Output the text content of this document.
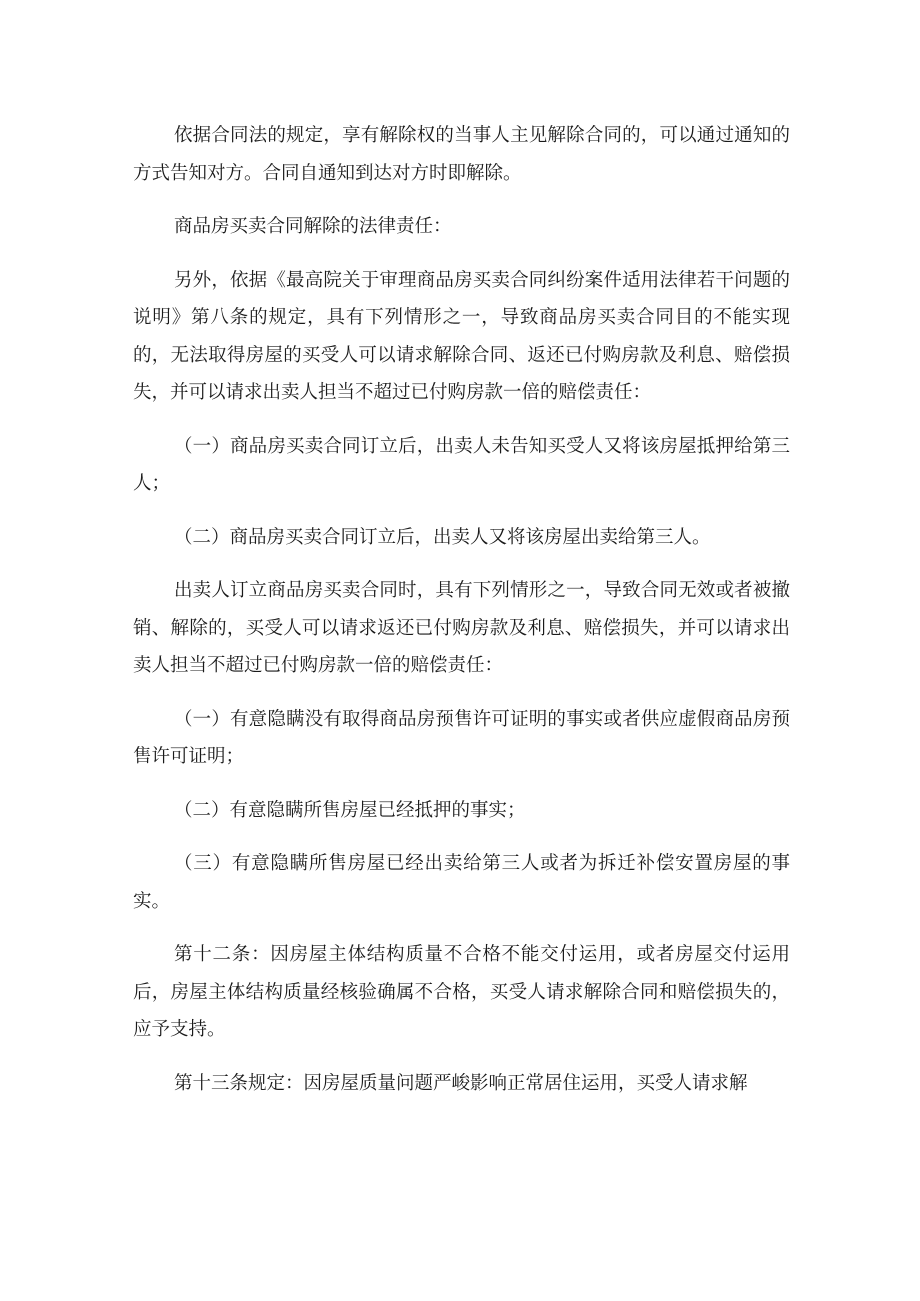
依据合同法的规定，享有解除权的当事人主见解除合同的，可以通过通知的方式告知对方。合同自通知到达对方时即解除。

商品房买卖合同解除的法律责任：

另外，依据《最高院关于审理商品房买卖合同纠纷案件适用法律若干问题的说明》第八条的规定，具有下列情形之一，导致商品房买卖合同目的不能实现的，无法取得房屋的买受人可以请求解除合同、返还已付购房款及利息、赔偿损失，并可以请求出卖人担当不超过已付购房款一倍的赔偿责任：

（一）商品房买卖合同订立后，出卖人未告知买受人又将该房屋抵押给第三人；

（二）商品房买卖合同订立后，出卖人又将该房屋出卖给第三人。

出卖人订立商品房买卖合同时，具有下列情形之一，导致合同无效或者被撤销、解除的，买受人可以请求返还已付购房款及利息、赔偿损失，并可以请求出卖人担当不超过已付购房款一倍的赔偿责任：

（一）有意隐瞒没有取得商品房预售许可证明的事实或者供应虚假商品房预售许可证明；

（二）有意隐瞒所售房屋已经抵押的事实；

（三）有意隐瞒所售房屋已经出卖给第三人或者为拆迁补偿安置房屋的事实。

第十二条：因房屋主体结构质量不合格不能交付运用，或者房屋交付运用后，房屋主体结构质量经核验确属不合格，买受人请求解除合同和赔偿损失的，应予支持。

第十三条规定：因房屋质量问题严峻影响正常居住运用，买受人请求解
